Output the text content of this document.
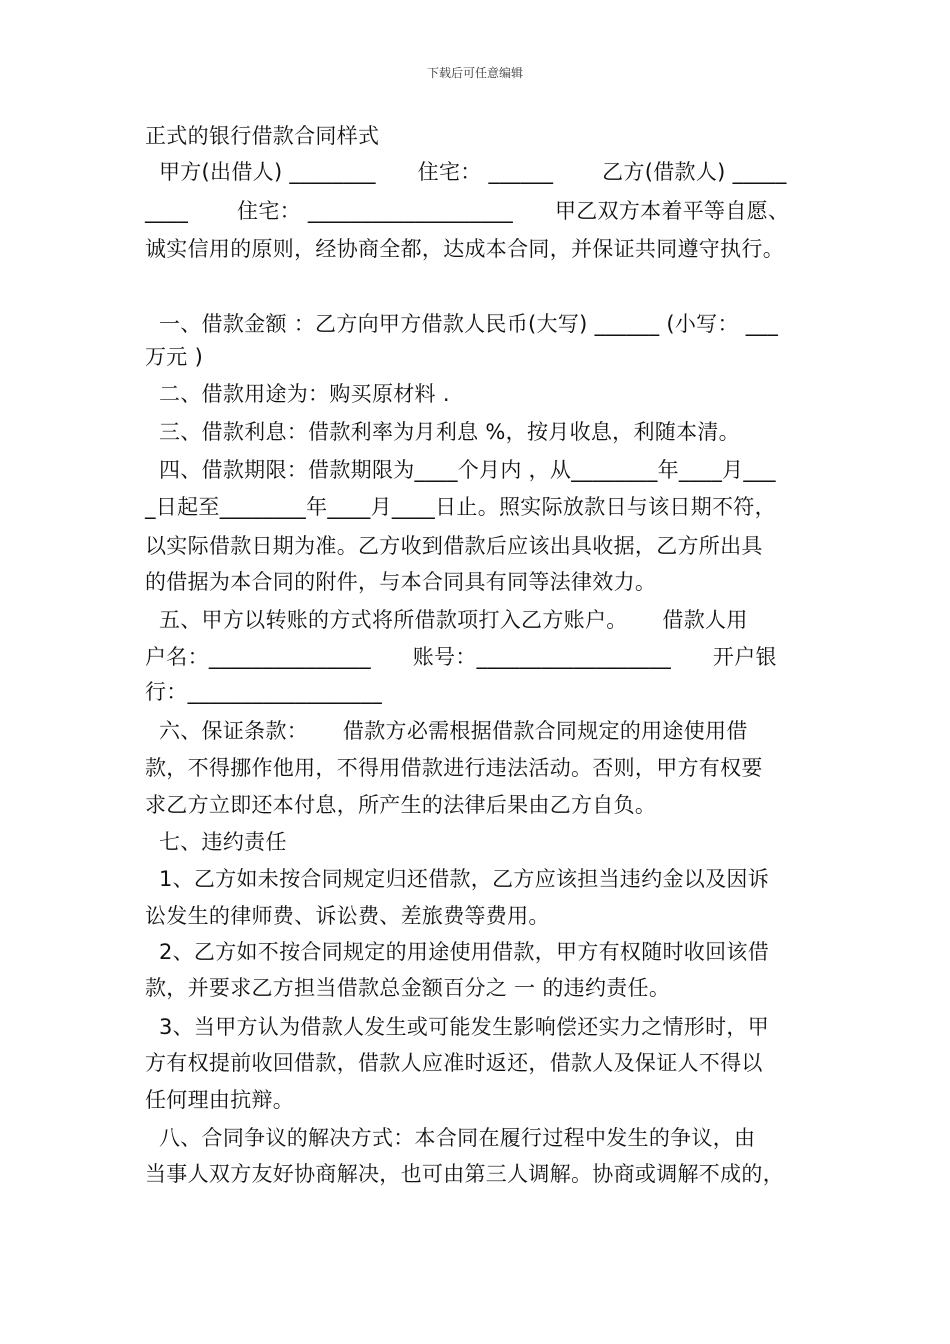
下载后可任意编辑
正式的银行借款合同样式
甲方(出借人) ________      住宅： ______       乙方(借款人) _____
____       住宅： ___________________      甲乙双方本着平等自愿、
诚实信用的原则，经协商全都，达成本合同，并保证共同遵守执行。
一、借款金额 ：乙方向甲方借款人民币(大写) ______ (小写： ___
万元 )
二、借款用途为：购买原材料 .
三、借款利息：借款利率为月利息 %，按月收息，利随本清。
四、借款期限：借款期限为____个月内 ，从________年____月___
_日起至________年____月____日止。照实际放款日与该日期不符，
以实际借款日期为准。乙方收到借款后应该出具收据，乙方所出具
的借据为本合同的附件，与本合同具有同等法律效力。
五、甲方以转账的方式将所借款项打入乙方账户。     借款人用
户名：_______________      账号：__________________      开户银
行：__________________
六、保证条款：     借款方必需根据借款合同规定的用途使用借
款，不得挪作他用，不得用借款进行违法活动。否则，甲方有权要
求乙方立即还本付息，所产生的法律后果由乙方自负。
七、违约责任
1、乙方如未按合同规定归还借款，乙方应该担当违约金以及因诉
讼发生的律师费、诉讼费、差旅费等费用。
2、乙方如不按合同规定的用途使用借款，甲方有权随时收回该借
款，并要求乙方担当借款总金额百分之 一 的违约责任。
3、当甲方认为借款人发生或可能发生影响偿还实力之情形时，甲
方有权提前收回借款，借款人应准时返还，借款人及保证人不得以
任何理由抗辩。
八、合同争议的解决方式：本合同在履行过程中发生的争议，由
当事人双方友好协商解决，也可由第三人调解。协商或调解不成的，
